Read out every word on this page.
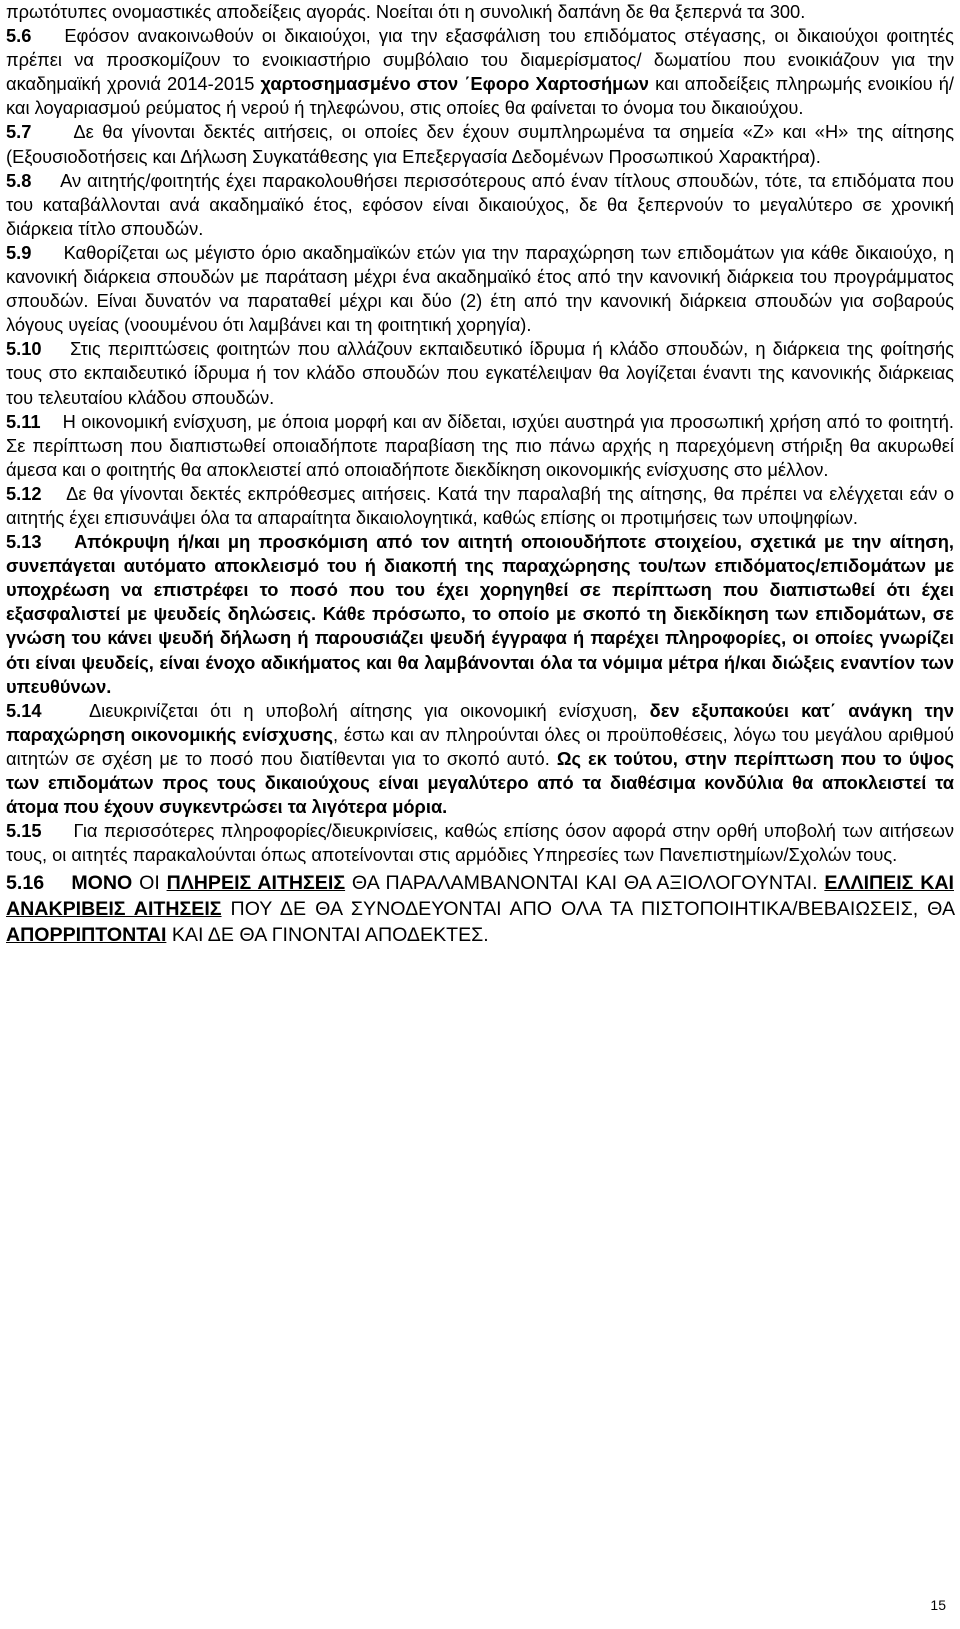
πρωτότυπες ονομαστικές αποδείξεις αγοράς. Νοείται ότι η συνολική δαπάνη δε θα ξεπερνά τα 300.

5.6 Εφόσον ανακοινωθούν οι δικαιούχοι, για την εξασφάλιση του επιδόματος στέγασης, οι δικαιούχοι φοιτητές πρέπει να προσκομίζουν το ενοικιαστήριο συμβόλαιο του διαμερίσματος/ δωματίου που ενοικιάζουν για την ακαδημαϊκή χρονιά 2014-2015 χαρτοσημασμένο στον ΄Εφορο Χαρτοσήμων και αποδείξεις πληρωμής ενοικίου ή/και λογαριασμού ρεύματος ή νερού ή τηλεφώνου, στις οποίες θα φαίνεται το όνομα του δικαιούχου.

5.7 Δε θα γίνονται δεκτές αιτήσεις, οι οποίες δεν έχουν συμπληρωμένα τα σημεία «Ζ» και «Η» της αίτησης (Εξουσιοδοτήσεις και Δήλωση Συγκατάθεσης για Επεξεργασία Δεδομένων Προσωπικού Χαρακτήρα).

5.8 Αν αιτητής/φοιτητής έχει παρακολουθήσει περισσότερους από έναν τίτλους σπουδών, τότε, τα επιδόματα που του καταβάλλονται ανά ακαδημαϊκό έτος, εφόσον είναι δικαιούχος, δε θα ξεπερνούν το μεγαλύτερο σε χρονική διάρκεια τίτλο σπουδών.

5.9 Καθορίζεται ως μέγιστο όριο ακαδημαϊκών ετών για την παραχώρηση των επιδομάτων για κάθε δικαιούχο, η κανονική διάρκεια σπουδών με παράταση μέχρι ένα ακαδημαϊκό έτος από την κανονική διάρκεια του προγράμματος σπουδών. Είναι δυνατόν να παραταθεί μέχρι και δύο (2) έτη από την κανονική διάρκεια σπουδών για σοβαρούς λόγους υγείας (νοουμένου ότι λαμβάνει και τη φοιτητική χορηγία).

5.10 Στις περιπτώσεις φοιτητών που αλλάζουν εκπαιδευτικό ίδρυμα ή κλάδο σπουδών, η διάρκεια της φοίτησής τους στο εκπαιδευτικό ίδρυμα ή τον κλάδο σπουδών που εγκατέλειψαν θα λογίζεται έναντι της κανονικής διάρκειας του τελευταίου κλάδου σπουδών.

5.11 Η οικονομική ενίσχυση, με όποια μορφή και αν δίδεται, ισχύει αυστηρά για προσωπική χρήση από το φοιτητή. Σε περίπτωση που διαπιστωθεί οποιαδήποτε παραβίαση της πιο πάνω αρχής η παρεχόμενη στήριξη θα ακυρωθεί άμεσα και ο φοιτητής θα αποκλειστεί από οποιαδήποτε διεκδίκηση οικονομικής ενίσχυσης στο μέλλον.

5.12 Δε θα γίνονται δεκτές εκπρόθεσμες αιτήσεις. Κατά την παραλαβή της αίτησης, θα πρέπει να ελέγχεται εάν ο αιτητής έχει επισυνάψει όλα τα απαραίτητα δικαιολογητικά, καθώς επίσης οι προτιμήσεις των υποψηφίων.

5.13 Απόκρυψη ή/και μη προσκόμιση από τον αιτητή οποιουδήποτε στοιχείου, σχετικά με την αίτηση, συνεπάγεται αυτόματο αποκλεισμό του ή διακοπή της παραχώρησης του/των επιδόματος/επιδομάτων με υποχρέωση να επιστρέφει το ποσό που του έχει χορηγηθεί σε περίπτωση που διαπιστωθεί ότι έχει εξασφαλιστεί με ψευδείς δηλώσεις. Κάθε πρόσωπο, το οποίο με σκοπό τη διεκδίκηση των επιδομάτων, σε γνώση του κάνει ψευδή δήλωση ή παρουσιάζει ψευδή έγγραφα ή παρέχει πληροφορίες, οι οποίες γνωρίζει ότι είναι ψευδείς, είναι ένοχο αδικήματος και θα λαμβάνονται όλα τα νόμιμα μέτρα ή/και διώξεις εναντίον των υπευθύνων.

5.14	Διευκρινίζεται ότι η υποβολή αίτησης για οικονομική ενίσχυση, δεν εξυπακούει κατ΄ ανάγκη την παραχώρηση οικονομικής ενίσχυσης, έστω και αν πληρούνται όλες οι προϋποθέσεις, λόγω του μεγάλου αριθμού αιτητών σε σχέση με το ποσό που διατίθενται για το σκοπό αυτό. Ως εκ τούτου, στην περίπτωση που το ύψος των επιδομάτων προς τους δικαιούχους είναι μεγαλύτερο από τα διαθέσιμα κονδύλια θα αποκλειστεί τα άτομα που έχουν συγκεντρώσει τα λιγότερα μόρια.

5.15 Για περισσότερες πληροφορίες/διευκρινίσεις, καθώς επίσης όσον αφορά στην ορθή υποβολή των αιτήσεων τους, οι αιτητές παρακαλούνται όπως αποτείνονται στις αρμόδιες Υπηρεσίες των Πανεπιστημίων/Σχολών τους.

5.16 ΜΟΝΟ ΟΙ ΠΛΗΡΕΙΣ ΑΙΤΗΣΕΙΣ ΘΑ ΠΑΡΑΛΑΜΒΑΝΟΝΤΑΙ ΚΑΙ ΘΑ ΑΞΙΟΛΟΓΟΥΝΤΑΙ. ΕΛΛΙΠΕΙΣ ΚΑΙ ΑΝΑΚΡΙΒΕΙΣ ΑΙΤΗΣΕΙΣ ΠΟΥ ΔΕ ΘΑ ΣΥΝΟΔΕΥΟΝΤΑΙ ΑΠΟ ΟΛΑ ΤΑ ΠΙΣΤΟΠΟΙΗΤΙΚΑ/ΒΕΒΑΙΩΣΕΙΣ, ΘΑ ΑΠΟΡΡΙΠΤΟΝΤΑΙ ΚΑΙ ΔΕ ΘΑ ΓΙΝΟΝΤΑΙ ΑΠΟΔΕΚΤΕΣ.

15
